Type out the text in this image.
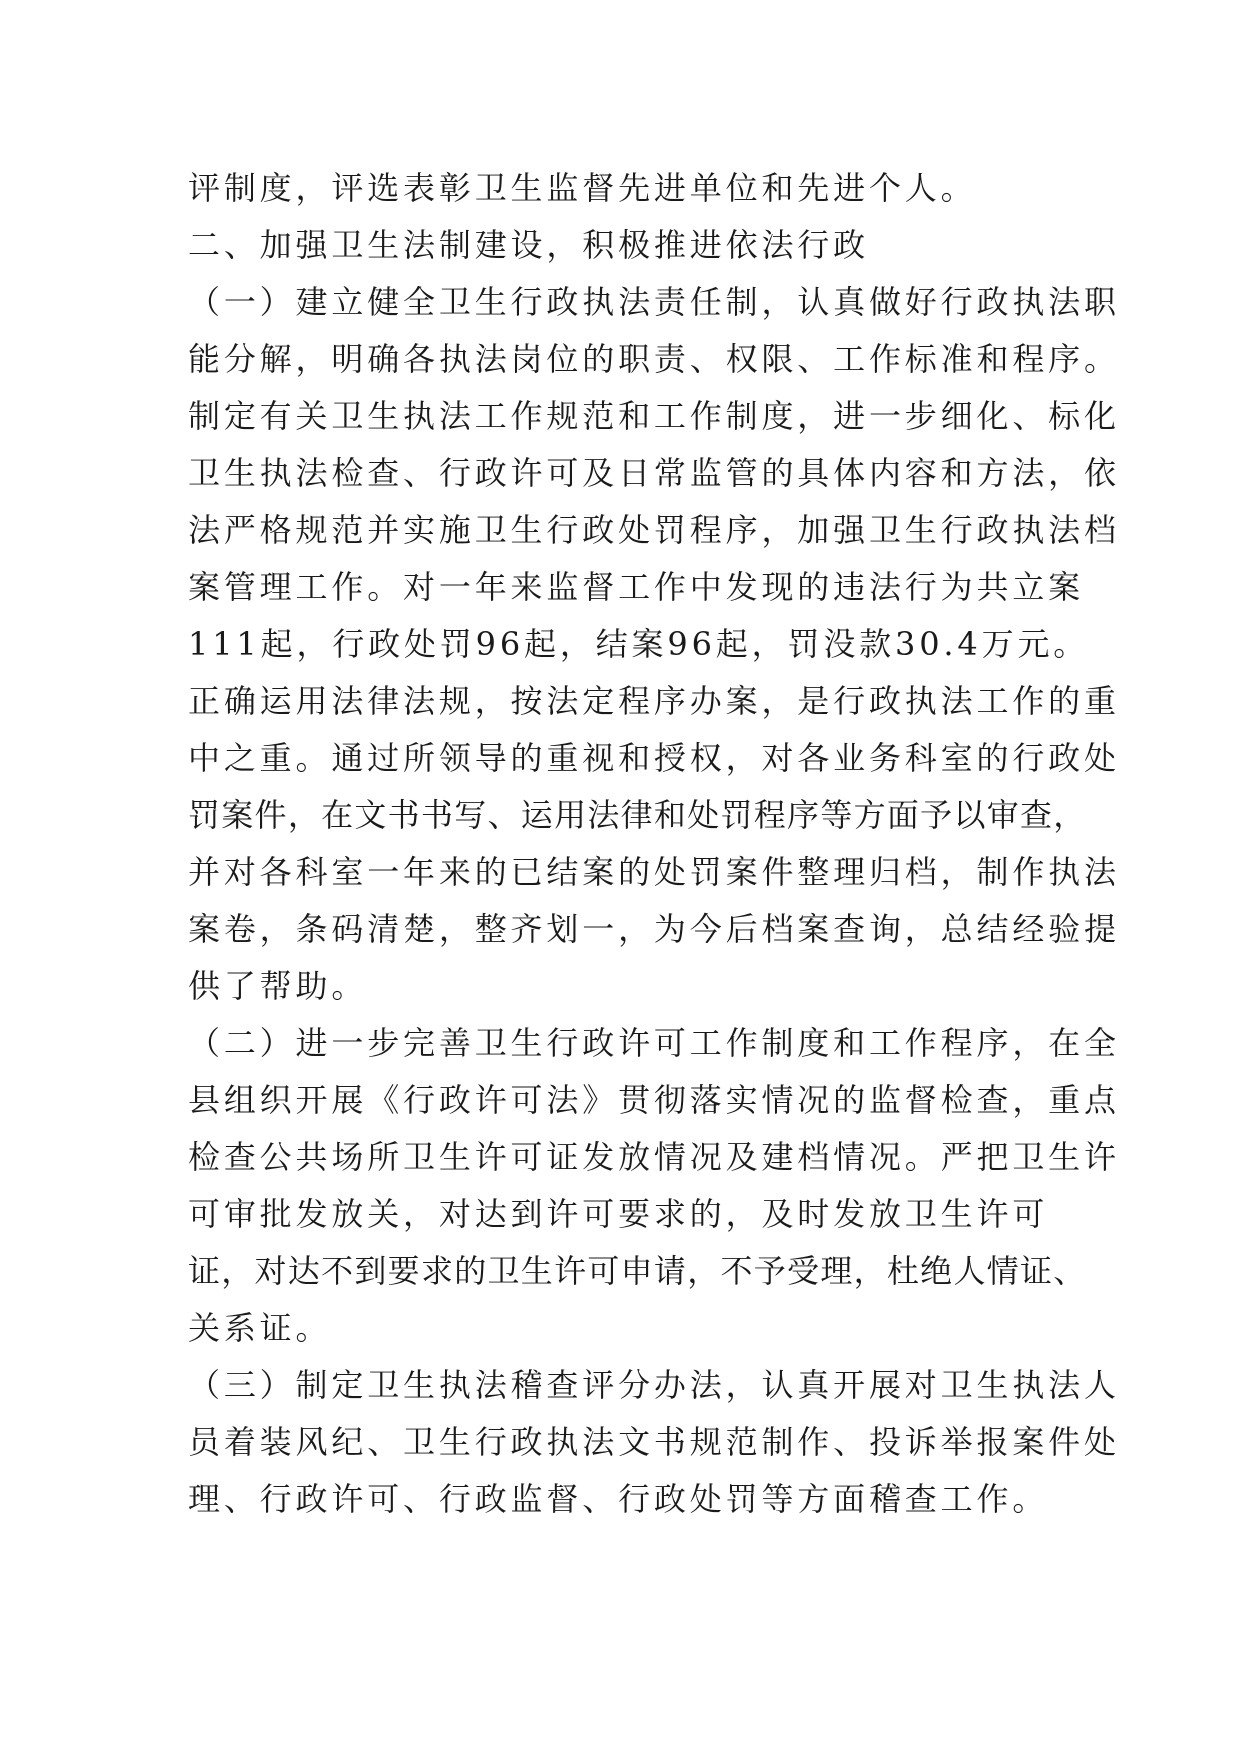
评制度，评选表彰卫生监督先进单位和先进个人。
二、加强卫生法制建设，积极推进依法行政
（一）建立健全卫生行政执法责任制，认真做好行政执法职
能分解，明确各执法岗位的职责、权限、工作标准和程序。
制定有关卫生执法工作规范和工作制度，进一步细化、标化
卫生执法检查、行政许可及日常监管的具体内容和方法，依
法严格规范并实施卫生行政处罚程序，加强卫生行政执法档
案管理工作。对一年来监督工作中发现的违法行为共立案
111起，行政处罚96起，结案96起，罚没款30.4万元。
正确运用法律法规，按法定程序办案，是行政执法工作的重
中之重。通过所领导的重视和授权，对各业务科室的行政处
罚案件，在文书书写、运用法律和处罚程序等方面予以审查，
并对各科室一年来的已结案的处罚案件整理归档，制作执法
案卷，条码清楚，整齐划一，为今后档案查询，总结经验提
供了帮助。
（二）进一步完善卫生行政许可工作制度和工作程序，在全
县组织开展《行政许可法》贯彻落实情况的监督检查，重点
检查公共场所卫生许可证发放情况及建档情况。严把卫生许
可审批发放关，对达到许可要求的，及时发放卫生许可
证，对达不到要求的卫生许可申请，不予受理，杜绝人情证、
关系证。
（三）制定卫生执法稽查评分办法，认真开展对卫生执法人
员着装风纪、卫生行政执法文书规范制作、投诉举报案件处
理、行政许可、行政监督、行政处罚等方面稽查工作。
